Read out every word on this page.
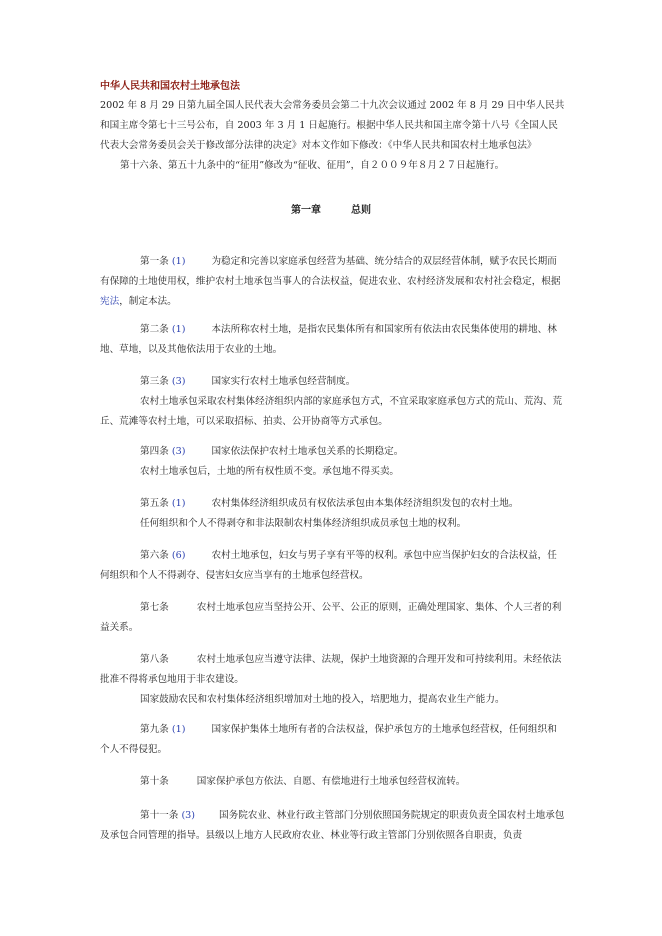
中华人民共和国农村土地承包法

2002 年 8 月 29 日第九届全国人民代表大会常务委员会第二十九次会议通过 2002 年 8 月 29 日中华人民共和国主席令第七十三号公布，自 2003 年 3 月 1 日起施行。根据中华人民共和国主席令第十八号《全国人民代表大会常务委员会关于修改部分法律的决定》对本文作如下修改：《中华人民共和国农村土地承包法》
第十六条、第五十九条中的“征用”修改为“征收、征用”，自２００９年８月２７日起施行。

第一章	总则

第一条 (1)	为稳定和完善以家庭承包经营为基础、统分结合的双层经营体制，赋予农民长期而有保障的土地使用权，维护农村土地承包当事人的合法权益，促进农业、农村经济发展和农村社会稳定，根据宪法，制定本法。

第二条 (1)	本法所称农村土地，是指农民集体所有和国家所有依法由农民集体使用的耕地、林地、草地，以及其他依法用于农业的土地。

第三条 (3)	国家实行农村土地承包经营制度。
农村土地承包采取农村集体经济组织内部的家庭承包方式，不宜采取家庭承包方式的荒山、荒沟、荒丘、荒滩等农村土地，可以采取招标、拍卖、公开协商等方式承包。

第四条 (3)	国家依法保护农村土地承包关系的长期稳定。
农村土地承包后，土地的所有权性质不变。承包地不得买卖。

第五条 (1)	农村集体经济组织成员有权依法承包由本集体经济组织发包的农村土地。
任何组织和个人不得剥夺和非法限制农村集体经济组织成员承包土地的权利。

第六条 (6)	农村土地承包，妇女与男子享有平等的权利。承包中应当保护妇女的合法权益，任何组织和个人不得剥夺、侵害妇女应当享有的土地承包经营权。

第七条	农村土地承包应当坚持公开、公平、公正的原则，正确处理国家、集体、个人三者的利益关系。

第八条	农村土地承包应当遵守法律、法规，保护土地资源的合理开发和可持续利用。未经依法批准不得将承包地用于非农建设。
国家鼓励农民和农村集体经济组织增加对土地的投入，培肥地力，提高农业生产能力。

第九条 (1)	国家保护集体土地所有者的合法权益，保护承包方的土地承包经营权，任何组织和个人不得侵犯。

第十条	国家保护承包方依法、自愿、有偿地进行土地承包经营权流转。

第十一条 (3)	国务院农业、林业行政主管部门分别依照国务院规定的职责负责全国农村土地承包及承包合同管理的指导。县级以上地方人民政府农业、林业等行政主管部门分别依照各自职责，负责
